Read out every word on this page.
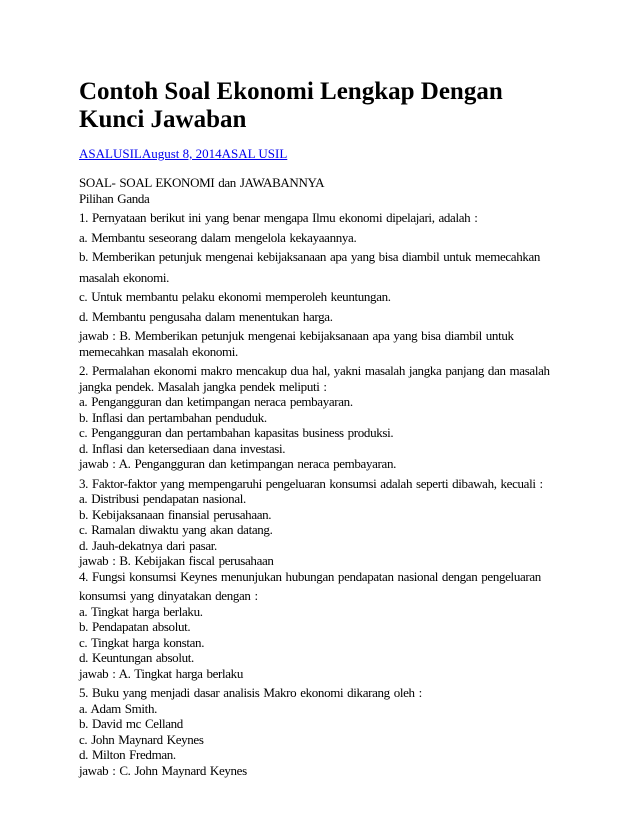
Contoh Soal Ekonomi Lengkap Dengan
Kunci Jawaban
ASALUSILAugust 8, 2014ASAL USIL
SOAL- SOAL EKONOMI dan JAWABANNYA
Pilihan Ganda
1. Pernyataan berikut ini yang benar mengapa Ilmu ekonomi dipelajari, adalah :
a. Membantu seseorang dalam mengelola kekayaannya.
b. Memberikan petunjuk mengenai kebijaksanaan apa yang bisa diambil untuk memecahkan
masalah ekonomi.
c. Untuk membantu pelaku ekonomi memperoleh keuntungan.
d. Membantu pengusaha dalam menentukan harga.
jawab : B. Memberikan petunjuk mengenai kebijaksanaan apa yang bisa diambil untuk
memecahkan masalah ekonomi.
2. Permalahan ekonomi makro mencakup dua hal, yakni masalah jangka panjang dan masalah
jangka pendek. Masalah jangka pendek meliputi :
a. Pengangguran dan ketimpangan neraca pembayaran.
b. Inflasi dan pertambahan penduduk.
c. Pengangguran dan pertambahan kapasitas business produksi.
d. Inflasi dan ketersediaan dana investasi.
jawab : A. Pengangguran dan ketimpangan neraca pembayaran.
3. Faktor-faktor yang mempengaruhi pengeluaran konsumsi adalah seperti dibawah, kecuali :
a. Distribusi pendapatan nasional.
b. Kebijaksanaan finansial perusahaan.
c. Ramalan diwaktu yang akan datang.
d. Jauh-dekatnya dari pasar.
jawab : B. Kebijakan fiscal perusahaan
4. Fungsi konsumsi Keynes menunjukan hubungan pendapatan nasional dengan pengeluaran
konsumsi yang dinyatakan dengan :
a. Tingkat harga berlaku.
b. Pendapatan absolut.
c. Tingkat harga konstan.
d. Keuntungan absolut.
jawab : A. Tingkat harga berlaku
5. Buku yang menjadi dasar analisis Makro ekonomi dikarang oleh :
a. Adam Smith.
b. David mc Celland
c. John Maynard Keynes
d. Milton Fredman.
jawab : C. John Maynard Keynes
